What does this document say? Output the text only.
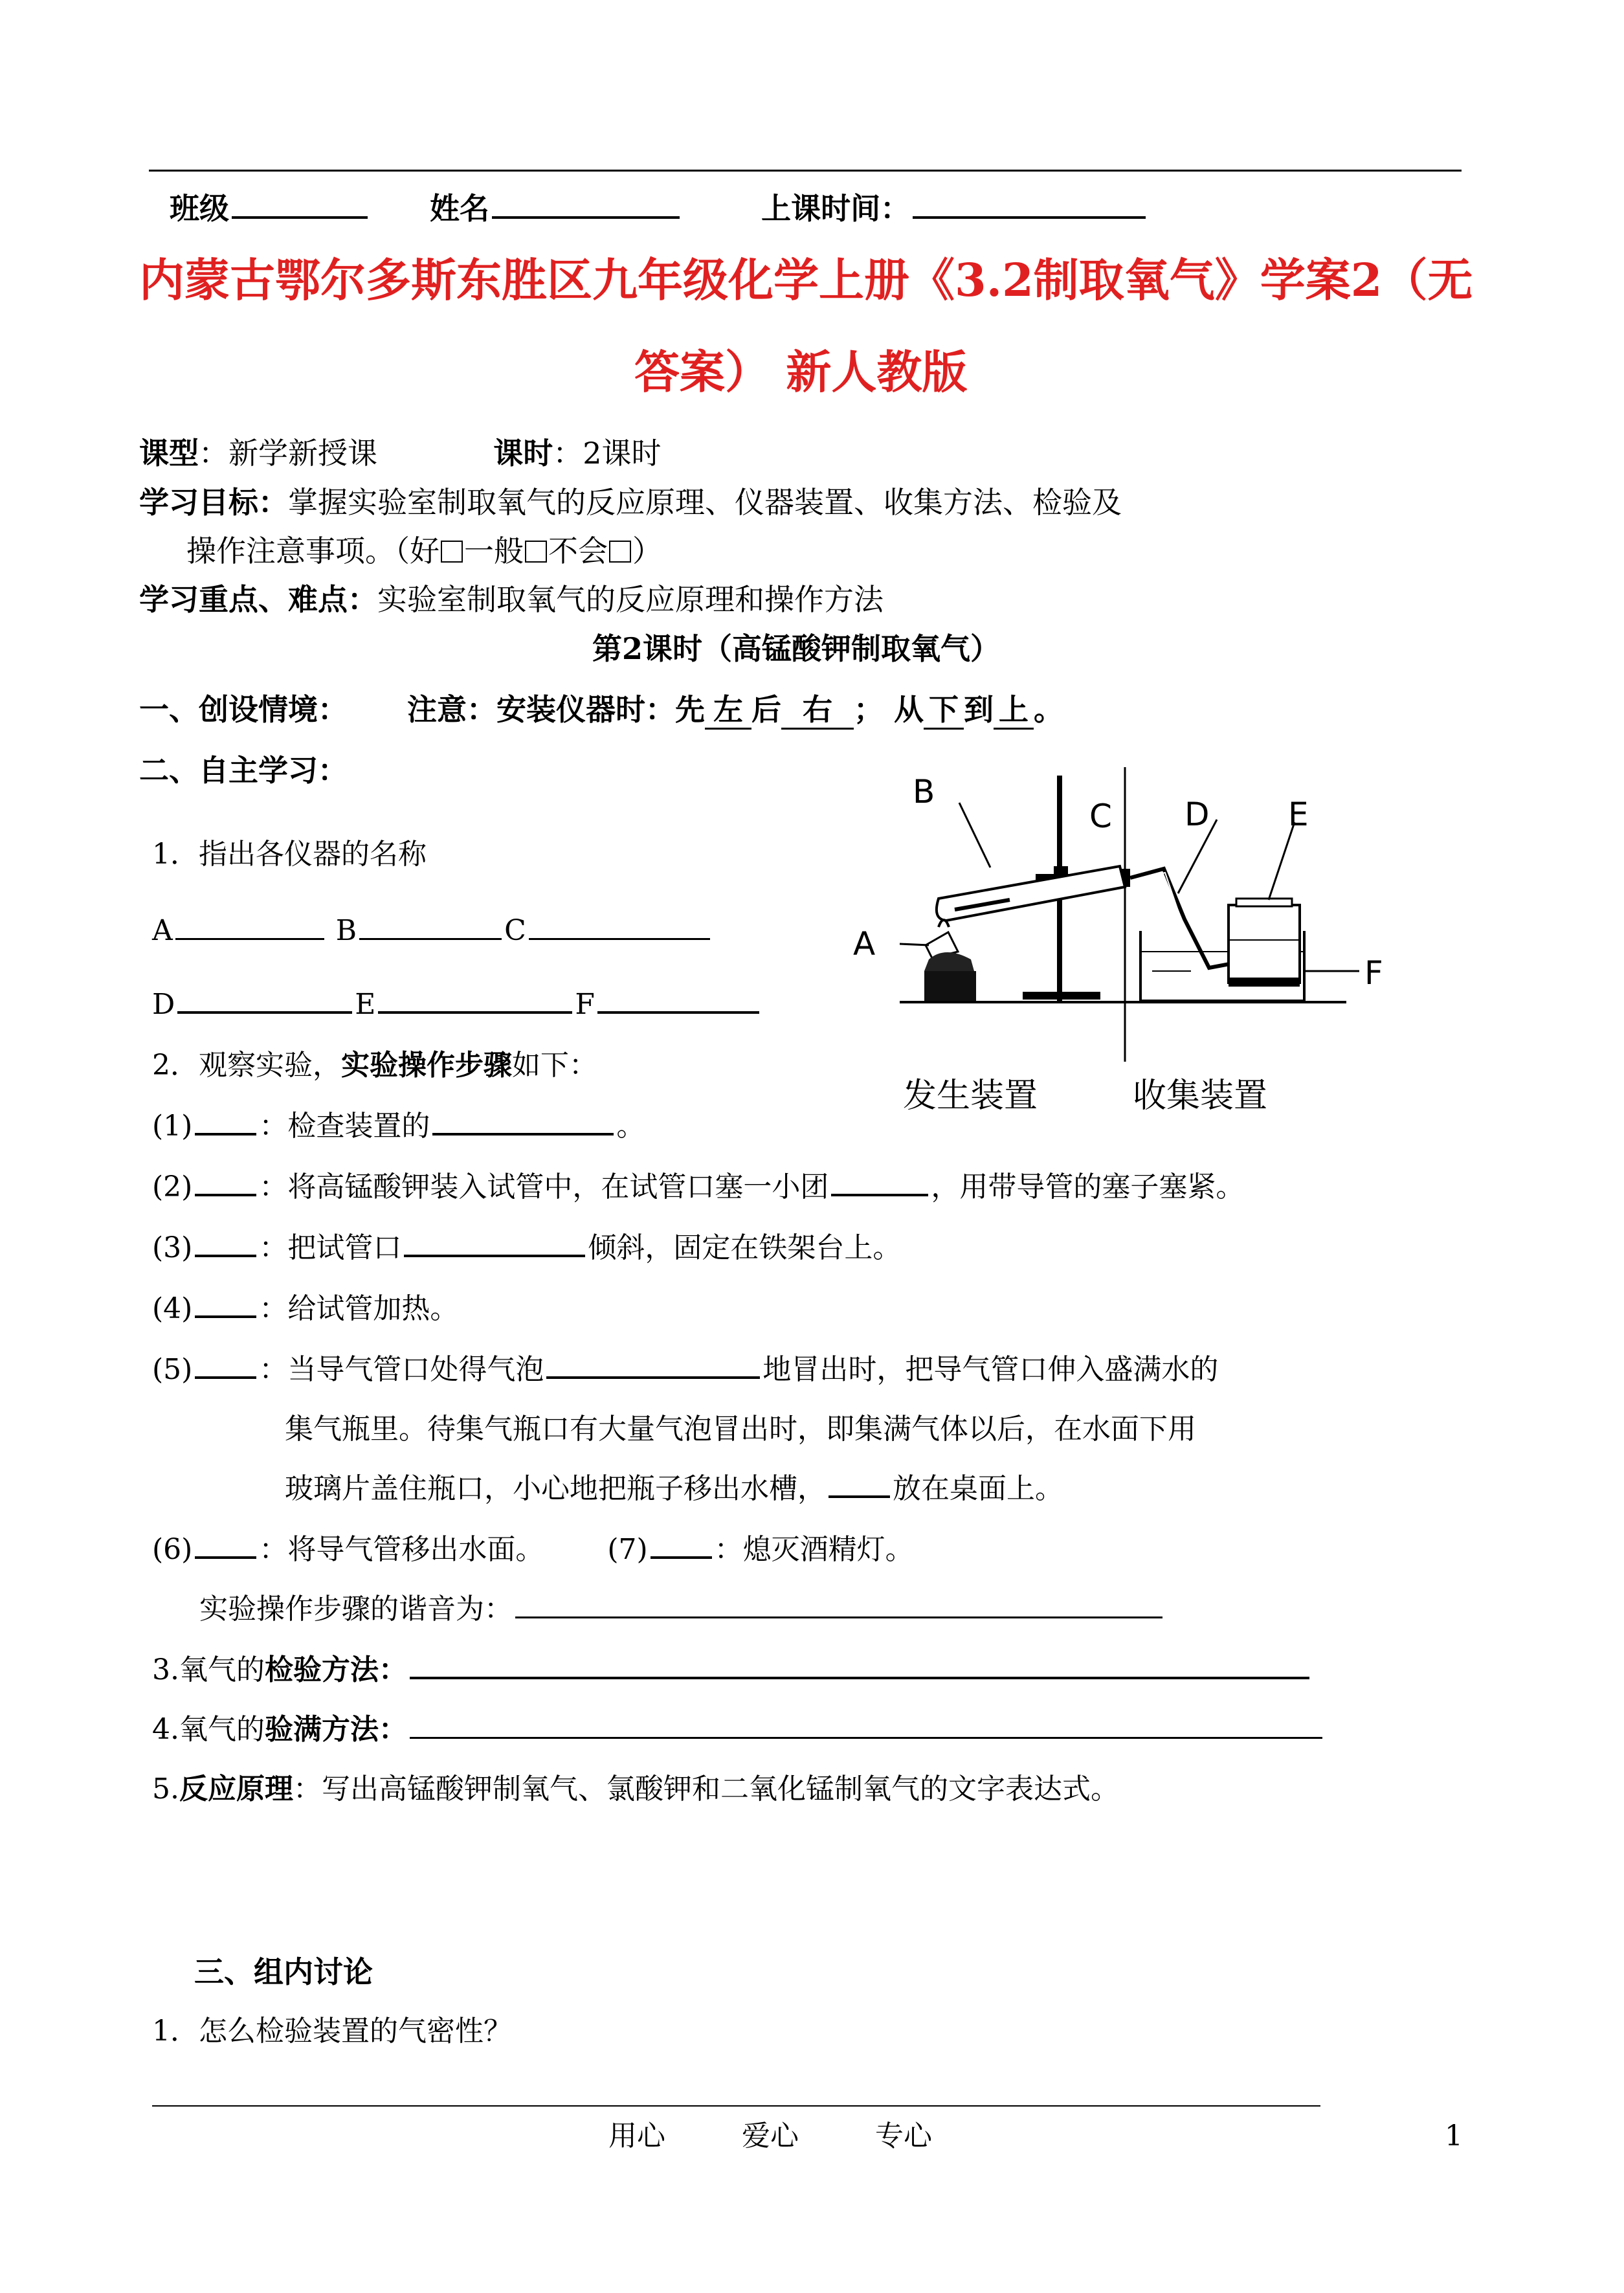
班级	姓名	上课时间：
内蒙古鄂尔多斯东胜区九年级化学上册《3.2制取氧气》学案2（无
答案） 新人教版
课型：新学新授课	课时：2课时
学习目标：掌握实验室制取氧气的反应原理、仪器装置、收集方法、检验及
操作注意事项。（好 一般 不会 ）
学习重点、难点：实验室制取氧气的反应原理和操作方法
第2课时（高锰酸钾制取氧气）
一、创设情境： 注意：安装仪器时：先 左 后 右 ； 从 下 到 上 。
二、自主学习：
1．指出各仪器的名称
A	B	C
D	E	F
A
B
C D E
F
发生装置	收集装置
2．观察实验，实验操作步骤如下：
(1) ：检查装置的	。
(2) ：将高锰酸钾装入试管中，在试管口塞一小团	，用带导管的塞子塞紧。
(3) ：把试管口	倾斜，固定在铁架台上。
(4) ：给试管加热。
(5) ：当导气管口处得气泡	地冒出时，把导气管口伸入盛满水的
集气瓶里。待集气瓶口有大量气泡冒出时，即集满气体以后，在水面下用
玻璃片盖住瓶口，小心地把瓶子移出水槽， 放在桌面上。
(6) ：将导气管移出水面。 (7) ：熄灭酒精灯。
实验操作步骤的谐音为：
3.氧气的检验方法：
4.氧气的验满方法：
5.反应原理：写出高锰酸钾制氧气、氯酸钾和二氧化锰制氧气的文字表达式。
三、组内讨论
1．怎么检验装置的气密性？
用心	爱心	专心	1
